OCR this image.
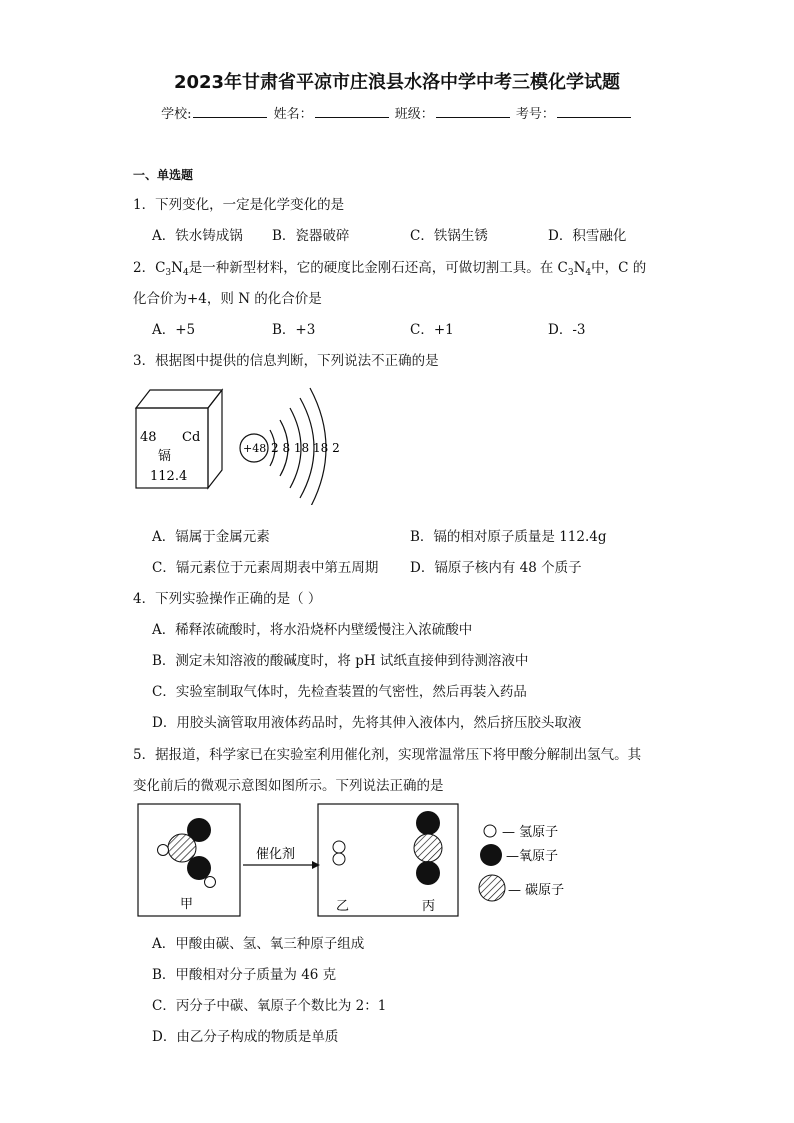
2023年甘肃省平凉市庄浪县水洛中学中考三模化学试题
学校:	姓名：	班级：	考号：
一、单选题
1．下列变化，一定是化学变化的是
A．铁水铸成锅 B．瓷器破碎	C．铁锅生锈	D．积雪融化
2．$C_3N_4$是一种新型材料，它的硬度比金刚石还高，可做切割工具。在 $C_3N_4$中，C 的
化合价为+4，则 N 的化合价是
A．+5	B．+3	C．+1	D．-3
3．根据图中提供的信息判断，下列说法不正确的是
48 Cd
镉
112.4
+48 2 8 18 18 2
A．镉属于金属元素	B．镉的相对原子质量是 112.4g
C．镉元素位于元素周期表中第五周期 D．镉原子核内有 48 个质子
4．下列实验操作正确的是（ ）
A．稀释浓硫酸时，将水沿烧杯内壁缓慢注入浓硫酸中
B．测定未知溶液的酸碱度时，将 pH 试纸直接伸到待测溶液中
C．实验室制取气体时，先检查装置的气密性，然后再装入药品
D．用胶头滴管取用液体药品时，先将其伸入液体内，然后挤压胶头取液
5．据报道，科学家已在实验室利用催化剂，实现常温常压下将甲酸分解制出氢气。其
变化前后的微观示意图如图所示。下列说法正确的是
甲
催化剂
乙	丙
— 氢原子
—氧原子
— 碳原子
A．甲酸由碳、氢、氧三种原子组成
B．甲酸相对分子质量为 46 克
C．丙分子中碳、氧原子个数比为 2：1
D．由乙分子构成的物质是单质
